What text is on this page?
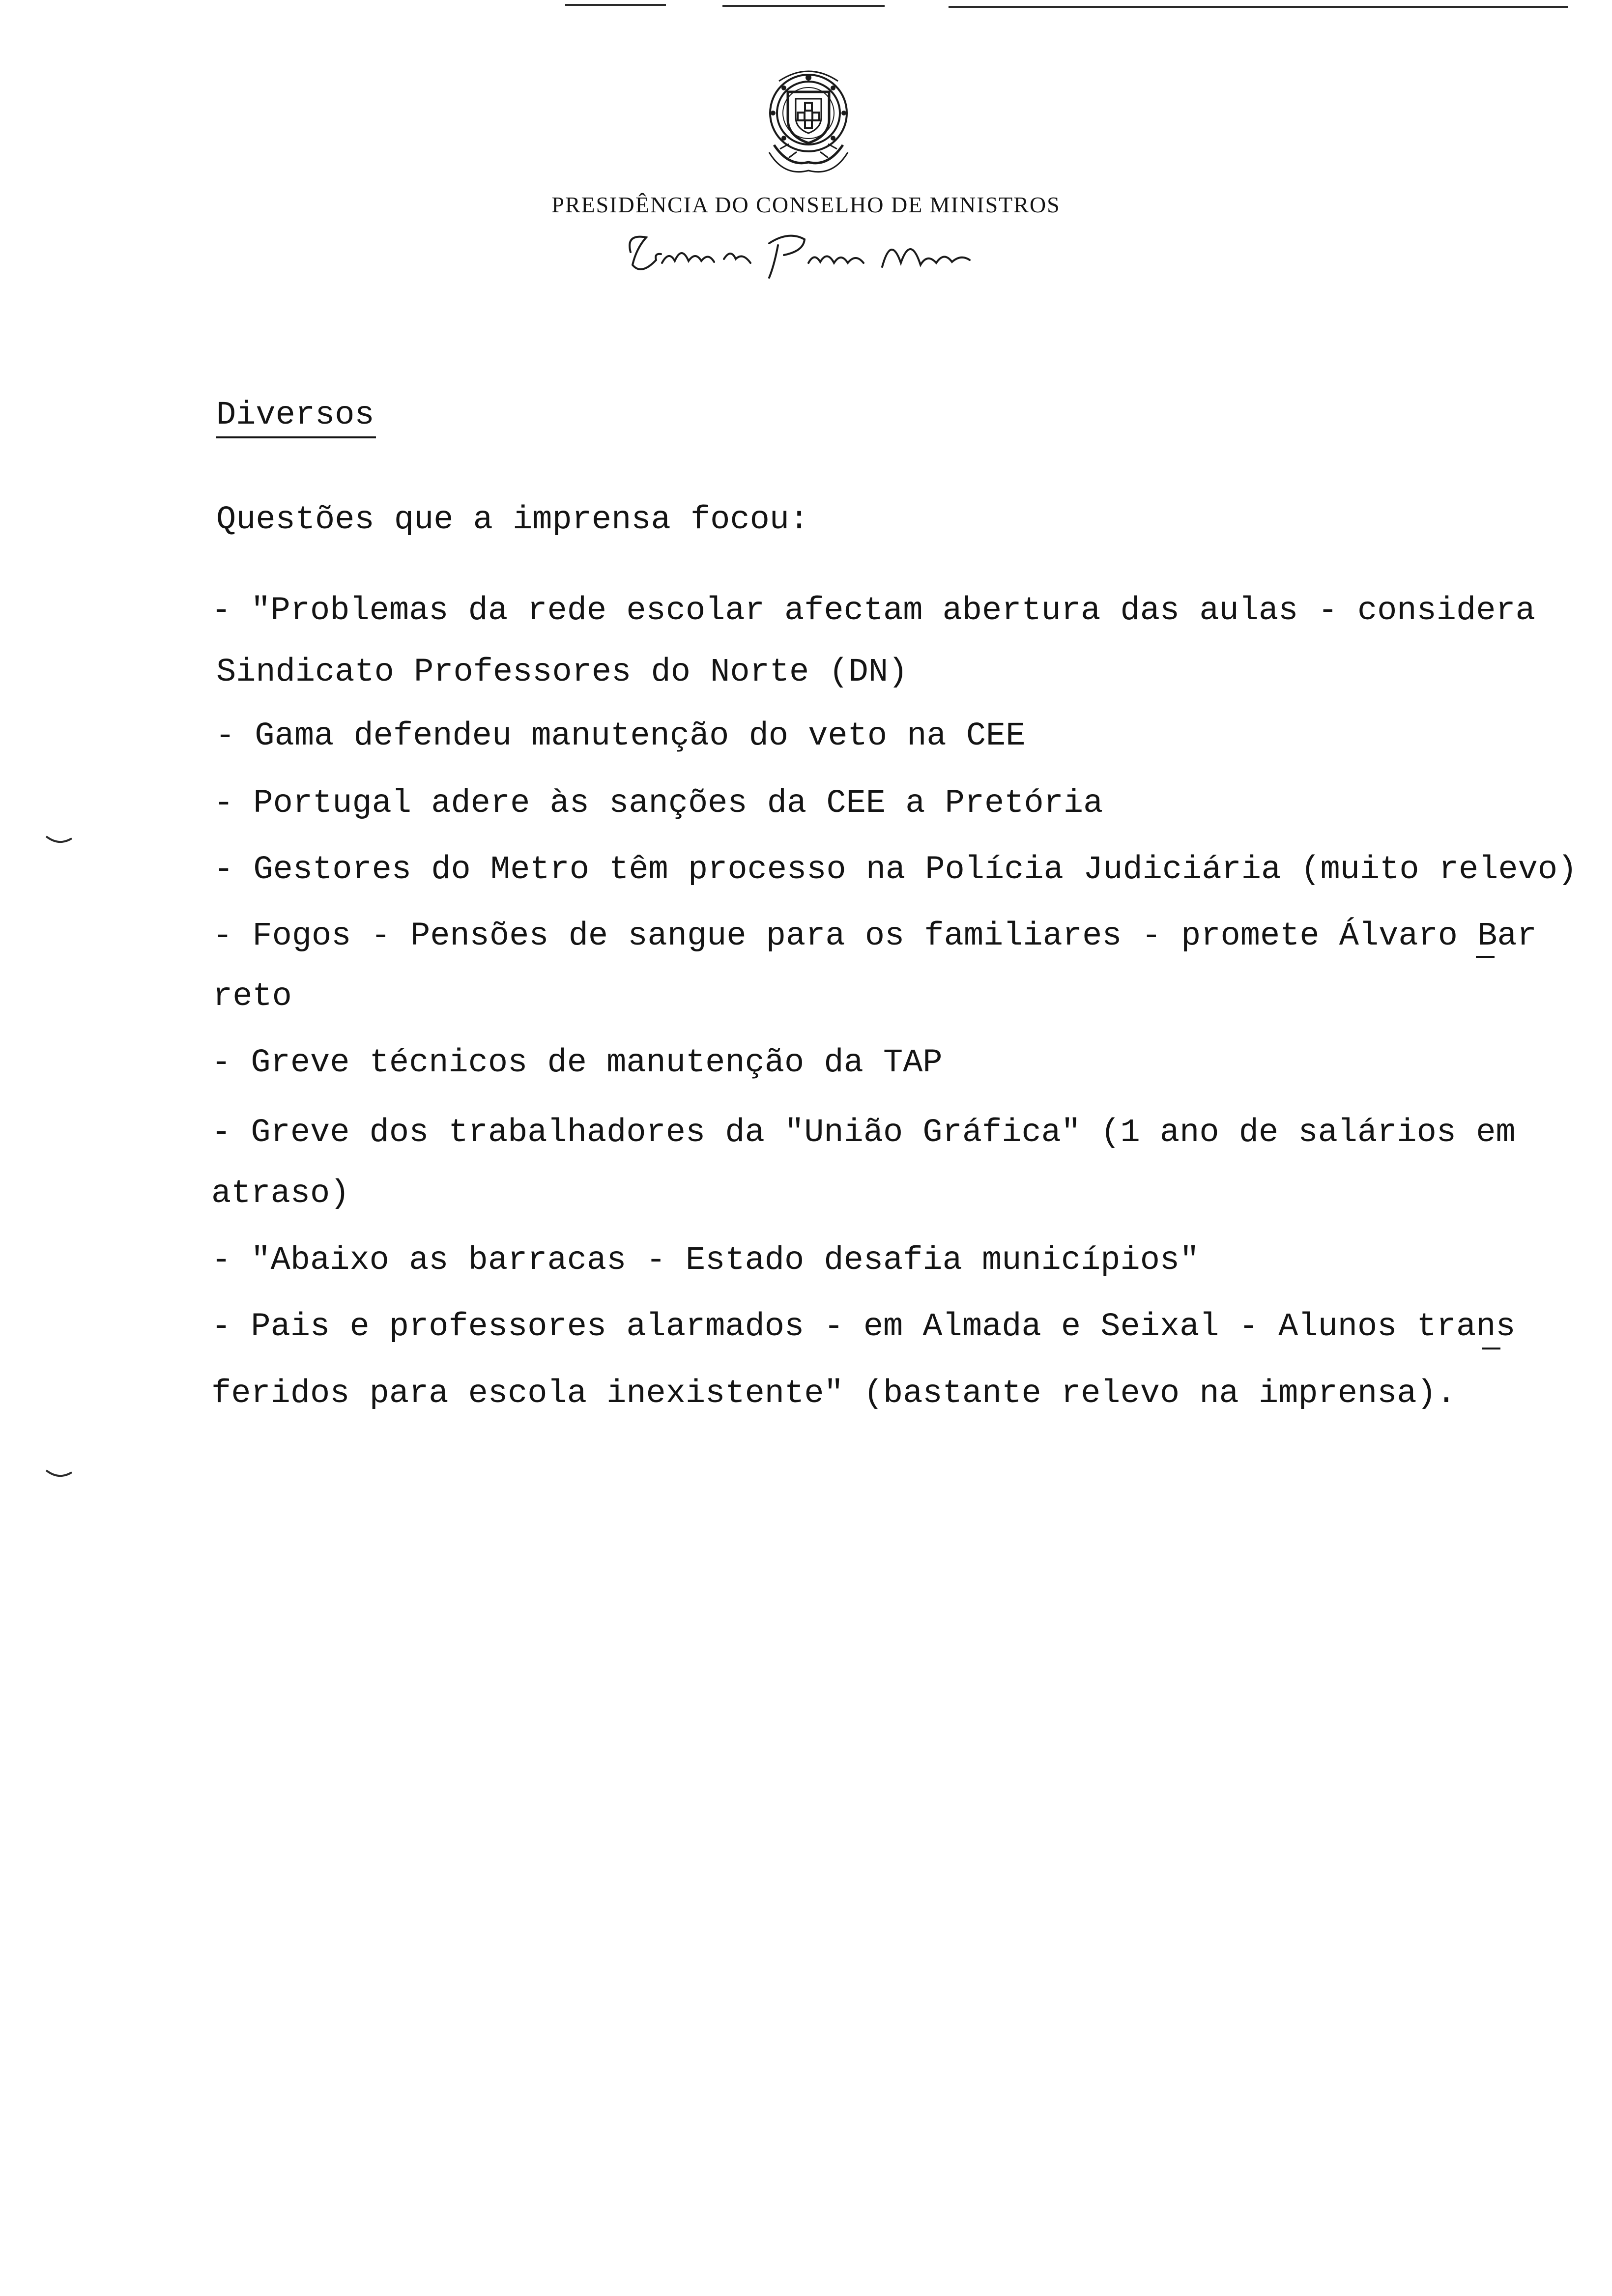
PRESIDÊNCIA DO CONSELHO DE MINISTROS
Diversos
Questões que a imprensa focou:
- "Problemas da rede escolar afectam abertura das aulas - considera
Sindicato Professores do Norte (DN)
- Gama defendeu manutenção do veto na CEE
- Portugal adere às sanções da CEE a Pretória
- Gestores do Metro têm processo na Polícia Judiciária (muito relevo)
- Fogos - Pensões de sangue para os familiares - promete Álvaro Bar
reto
- Greve técnicos de manutenção da TAP
- Greve dos trabalhadores da "União Gráfica" (1 ano de salários em
atraso)
- "Abaixo as barracas - Estado desafia municípios"
- Pais e professores alarmados - em Almada e Seixal - Alunos trans
feridos para escola inexistente" (bastante relevo na imprensa).
